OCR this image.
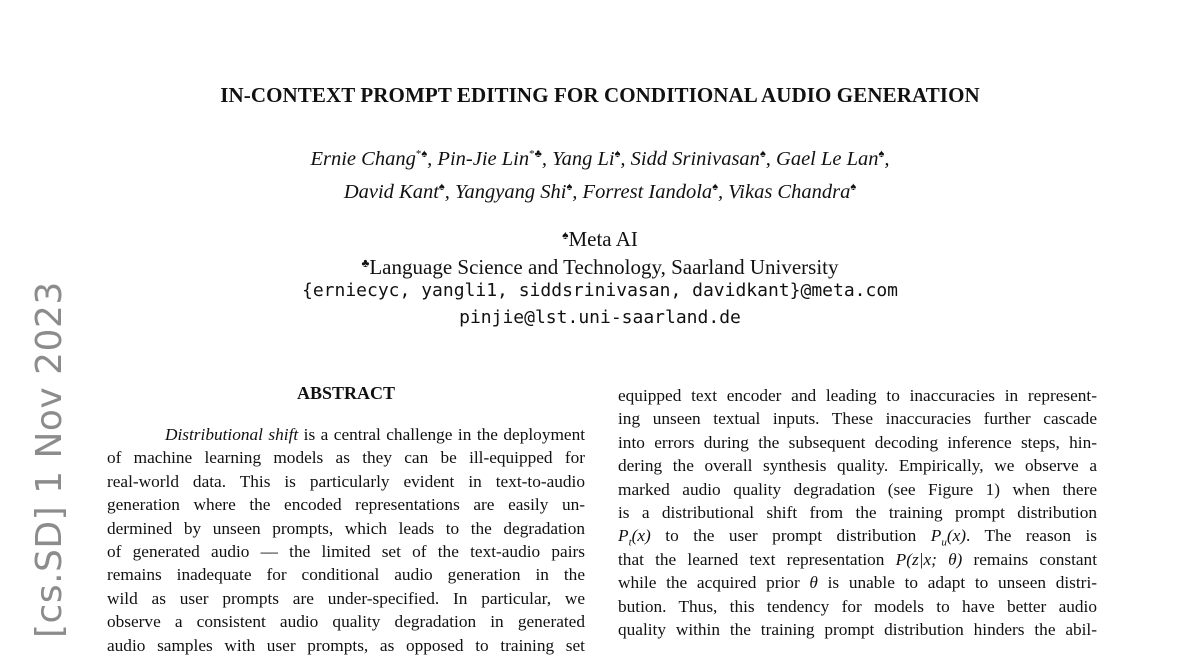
[cs.SD] 1 Nov 2023
IN-CONTEXT PROMPT EDITING FOR CONDITIONAL AUDIO GENERATION
Ernie Chang*♠, Pin-Jie Lin*♣, Yang Li♠, Sidd Srinivasan♠, Gael Le Lan♠,
David Kant♠, Yangyang Shi♠, Forrest Iandola♠, Vikas Chandra♠
♠Meta AI
♣Language Science and Technology, Saarland University
{erniecyc, yangli1, siddsrinivasan, davidkant}@meta.com
pinjie@lst.uni-saarland.de
ABSTRACT
Distributional shift is a central challenge in the deployment
of machine learning models as they can be ill-equipped for
real-world data. This is particularly evident in text-to-audio
generation where the encoded representations are easily un-
dermined by unseen prompts, which leads to the degradation
of generated audio — the limited set of the text-audio pairs
remains inadequate for conditional audio generation in the
wild as user prompts are under-specified. In particular, we
observe a consistent audio quality degradation in generated
audio samples with user prompts, as opposed to training set
equipped text encoder and leading to inaccuracies in represent-
ing unseen textual inputs. These inaccuracies further cascade
into errors during the subsequent decoding inference steps, hin-
dering the overall synthesis quality. Empirically, we observe a
marked audio quality degradation (see Figure 1) when there
is a distributional shift from the training prompt distribution
$P_t(x)$ to the user prompt distribution $P_u(x)$. The reason is
that the learned text representation P(z|x; θ) remains constant
while the acquired prior θ is unable to adapt to unseen distri-
bution. Thus, this tendency for models to have better audio
quality within the training prompt distribution hinders the abil-
